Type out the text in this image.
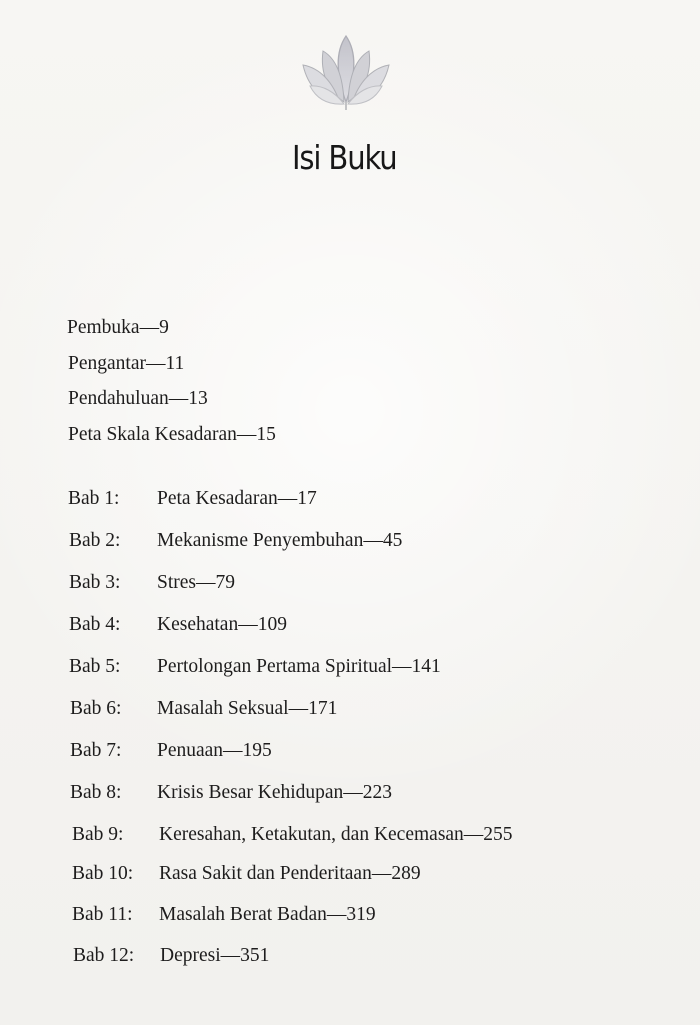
Isi Buku
Pembuka—9
Pengantar—11
Pendahuluan—13
Peta Skala Kesadaran—15
Bab 1: Peta Kesadaran—17
Bab 2: Mekanisme Penyembuhan—45
Bab 3: Stres—79
Bab 4: Kesehatan—109
Bab 5: Pertolongan Pertama Spiritual—141
Bab 6: Masalah Seksual—171
Bab 7: Penuaan—195
Bab 8: Krisis Besar Kehidupan—223
Bab 9: Keresahan, Ketakutan, dan Kecemasan—255
Bab 10: Rasa Sakit dan Penderitaan—289
Bab 11: Masalah Berat Badan—319
Bab 12: Depresi—351
